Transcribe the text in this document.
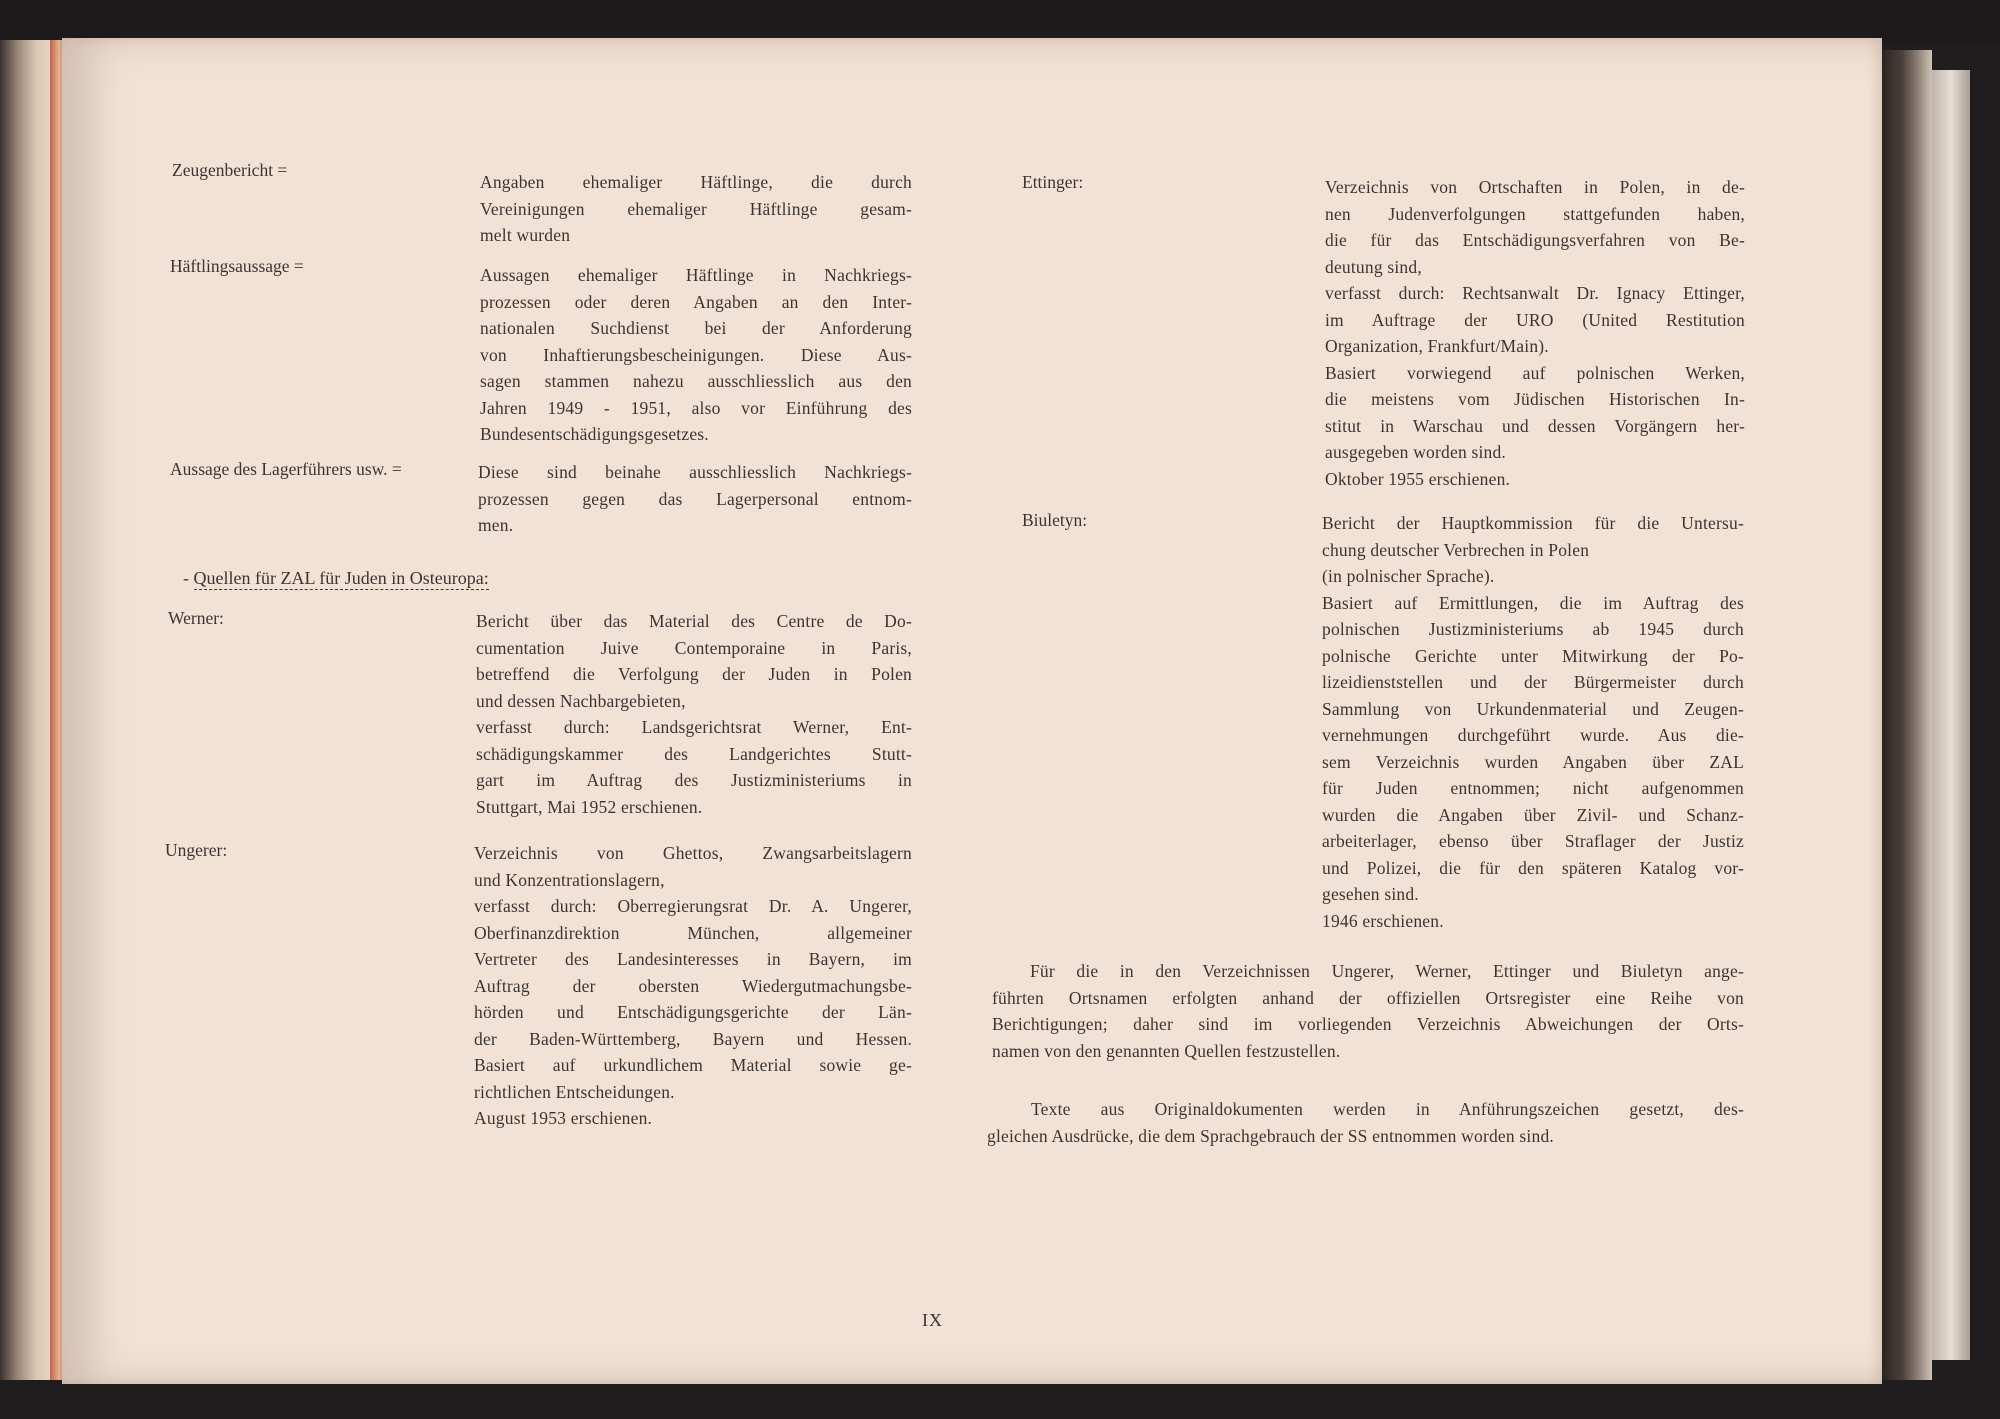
Zeugenbericht =
Angaben ehemaliger Häftlinge, die durch
Vereinigungen ehemaliger Häftlinge gesam-
melt wurden
Häftlingsaussage =	Aussagen ehemaliger Häftlinge in Nachkriegs-
prozessen oder deren Angaben an den Inter-
nationalen Suchdienst bei der Anforderung
von Inhaftierungsbescheinigungen. Diese Aus-
sagen stammen nahezu ausschliesslich aus den
Jahren 1949 - 1951, also vor Einführung des
Bundesentschädigungsgesetzes.
Aussage des Lagerführers usw. =	Diese sind beinahe ausschliesslich Nachkriegs-
prozessen gegen das Lagerpersonal entnom-
men.
- Quellen für ZAL für Juden in Osteuropa:
Werner:	Bericht über das Material des Centre de Do-
cumentation Juive Contemporaine in Paris,
betreffend die Verfolgung der Juden in Polen
und dessen Nachbargebieten,
verfasst durch: Landsgerichtsrat Werner, Ent-
schädigungskammer des Landgerichtes Stutt-
gart im Auftrag des Justizministeriums in
Stuttgart, Mai 1952 erschienen.
Ungerer:	Verzeichnis von Ghettos, Zwangsarbeitslagern
und Konzentrationslagern,
verfasst durch: Oberregierungsrat Dr. A. Ungerer,
Oberfinanzdirektion München, allgemeiner
Vertreter des Landesinteresses in Bayern, im
Auftrag der obersten Wiedergutmachungsbe-
hörden und Entschädigungsgerichte der Län-
der Baden-Württemberg, Bayern und Hessen.
Basiert auf urkundlichem Material sowie ge-
richtlichen Entscheidungen.
August 1953 erschienen.
Ettinger:	Verzeichnis von Ortschaften in Polen, in de-
nen Judenverfolgungen stattgefunden haben,
die für das Entschädigungsverfahren von Be-
deutung sind,
verfasst durch: Rechtsanwalt Dr. Ignacy Ettinger,
im Auftrage der URO (United Restitution
Organization, Frankfurt/Main).
Basiert vorwiegend auf polnischen Werken,
die meistens vom Jüdischen Historischen In-
stitut in Warschau und dessen Vorgängern her-
ausgegeben worden sind.
Oktober 1955 erschienen.
Biuletyn:	Bericht der Hauptkommission für die Untersu-
chung deutscher Verbrechen in Polen
(in polnischer Sprache).
Basiert auf Ermittlungen, die im Auftrag des
polnischen Justizministeriums ab 1945 durch
polnische Gerichte unter Mitwirkung der Po-
lizeidienststellen und der Bürgermeister durch
Sammlung von Urkundenmaterial und Zeugen-
vernehmungen durchgeführt wurde. Aus die-
sem Verzeichnis wurden Angaben über ZAL
für Juden entnommen; nicht aufgenommen
wurden die Angaben über Zivil- und Schanz-
arbeiterlager, ebenso über Straflager der Justiz
und Polizei, die für den späteren Katalog vor-
gesehen sind.
1946 erschienen.
Für die in den Verzeichnissen Ungerer, Werner, Ettinger und Biuletyn ange-
führten Ortsnamen erfolgten anhand der offiziellen Ortsregister eine Reihe von
Berichtigungen; daher sind im vorliegenden Verzeichnis Abweichungen der Orts-
namen von den genannten Quellen festzustellen.
Texte aus Originaldokumenten werden in Anführungszeichen gesetzt, des-
gleichen Ausdrücke, die dem Sprachgebrauch der SS entnommen worden sind.
IX
